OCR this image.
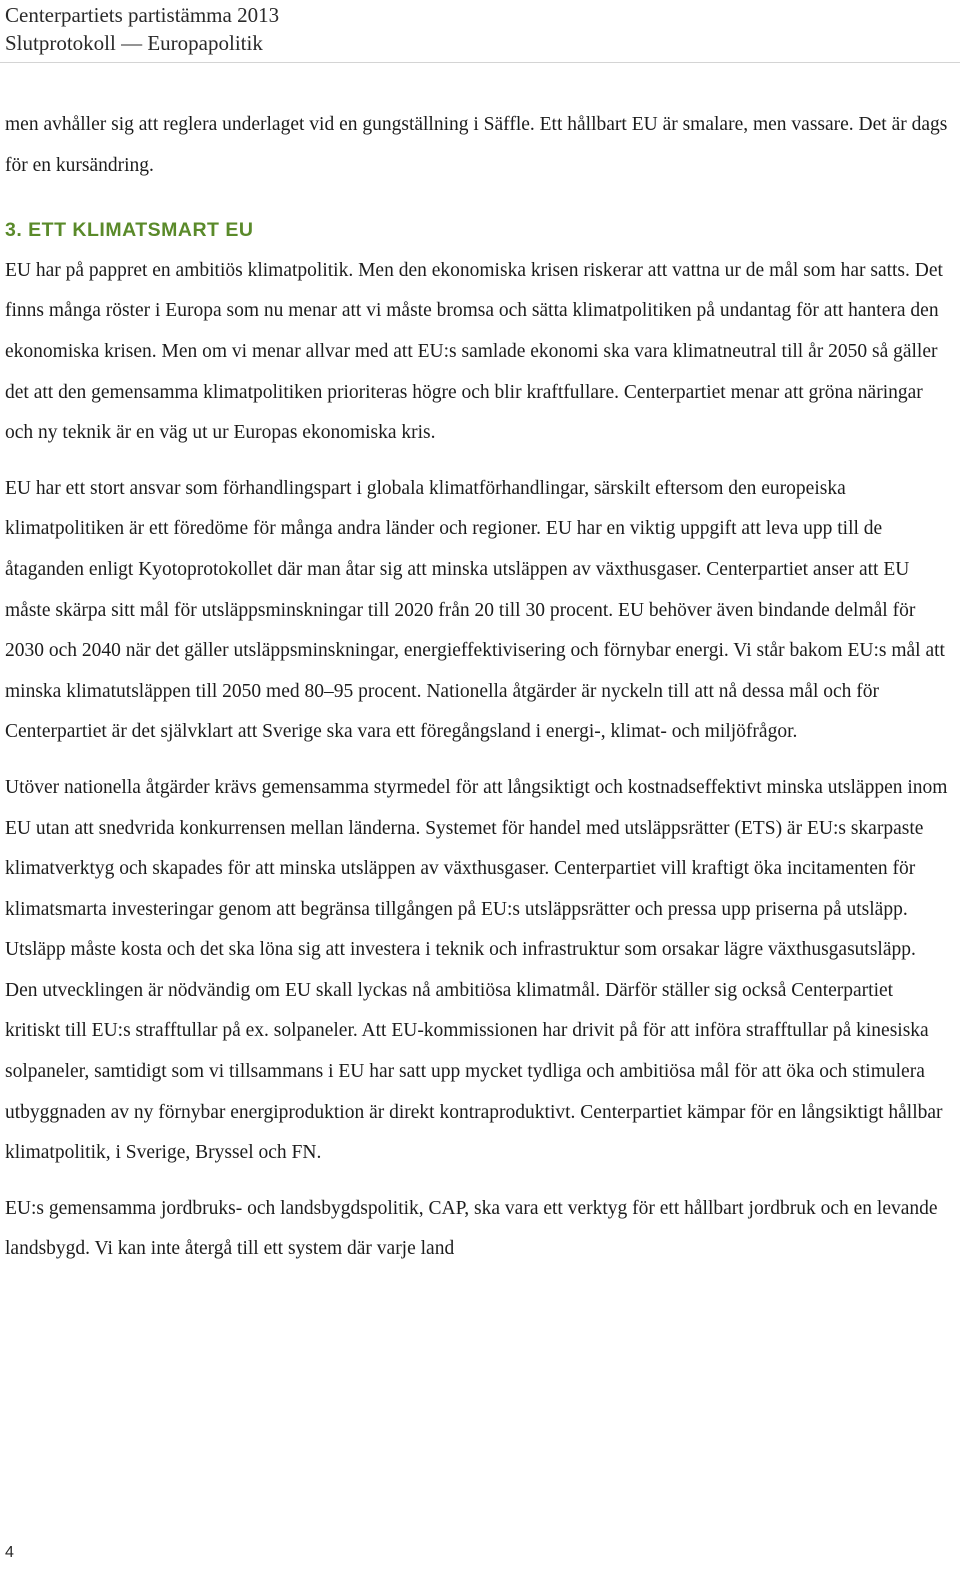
Centerpartiets partistämma 2013
Slutprotokoll — Europapolitik

men avhåller sig att reglera underlaget vid en gungställning i Säffle. Ett hållbart EU är smalare, men vassare. Det är dags för en kursändring.

3. ETT KLIMATSMART EU

EU har på pappret en ambitiös klimatpolitik. Men den ekonomiska krisen riskerar att vattna ur de mål som har satts. Det finns många röster i Europa som nu menar att vi måste bromsa och sätta klimatpolitiken på undantag för att hantera den ekonomiska krisen. Men om vi menar allvar med att EU:s samlade ekonomi ska vara klimatneutral till år 2050 så gäller det att den gemensamma klimatpolitiken prioriteras högre och blir kraftfullare. Centerpartiet menar att gröna näringar och ny teknik är en väg ut ur Europas ekonomiska kris.

EU har ett stort ansvar som förhandlingspart i globala klimatförhandlingar, särskilt eftersom den europeiska klimatpolitiken är ett föredöme för många andra länder och regioner. EU har en viktig uppgift att leva upp till de åtaganden enligt Kyotoprotokollet där man åtar sig att minska utsläppen av växthusgaser. Centerpartiet anser att EU måste skärpa sitt mål för utsläppsminskningar till 2020 från 20 till 30 procent. EU behöver även bindande delmål för 2030 och 2040 när det gäller utsläppsminskningar, energieffektivisering och förnybar energi. Vi står bakom EU:s mål att minska klimatutsläppen till 2050 med 80–95 procent. Nationella åtgärder är nyckeln till att nå dessa mål och för Centerpartiet är det självklart att Sverige ska vara ett föregångsland i energi-, klimat- och miljöfrågor.

Utöver nationella åtgärder krävs gemensamma styrmedel för att långsiktigt och kostnadseffektivt minska utsläppen inom EU utan att snedvrida konkurrensen mellan länderna. Systemet för handel med utsläppsrätter (ETS) är EU:s skarpaste klimatverktyg och skapades för att minska utsläppen av växthusgaser. Centerpartiet vill kraftigt öka incitamenten för klimatsmarta investeringar genom att begränsa tillgången på EU:s utsläppsrätter och pressa upp priserna på utsläpp. Utsläpp måste kosta och det ska löna sig att investera i teknik och infrastruktur som orsakar lägre växthusgasutsläpp. Den utvecklingen är nödvändig om EU skall lyckas nå ambitiösa klimatmål. Därför ställer sig också Centerpartiet kritiskt till EU:s strafftullar på ex. solpaneler. Att EU-kommissionen har drivit på för att införa strafftullar på kinesiska solpaneler, samtidigt som vi tillsammans i EU har satt upp mycket tydliga och ambitiösa mål för att öka och stimulera utbyggnaden av ny förnybar energiproduktion är direkt kontraproduktivt. Centerpartiet kämpar för en långsiktigt hållbar klimatpolitik, i Sverige, Bryssel och FN.

EU:s gemensamma jordbruks- och landsbygdspolitik, CAP, ska vara ett verktyg för ett hållbart jordbruk och en levande landsbygd. Vi kan inte återgå till ett system där varje land

4
